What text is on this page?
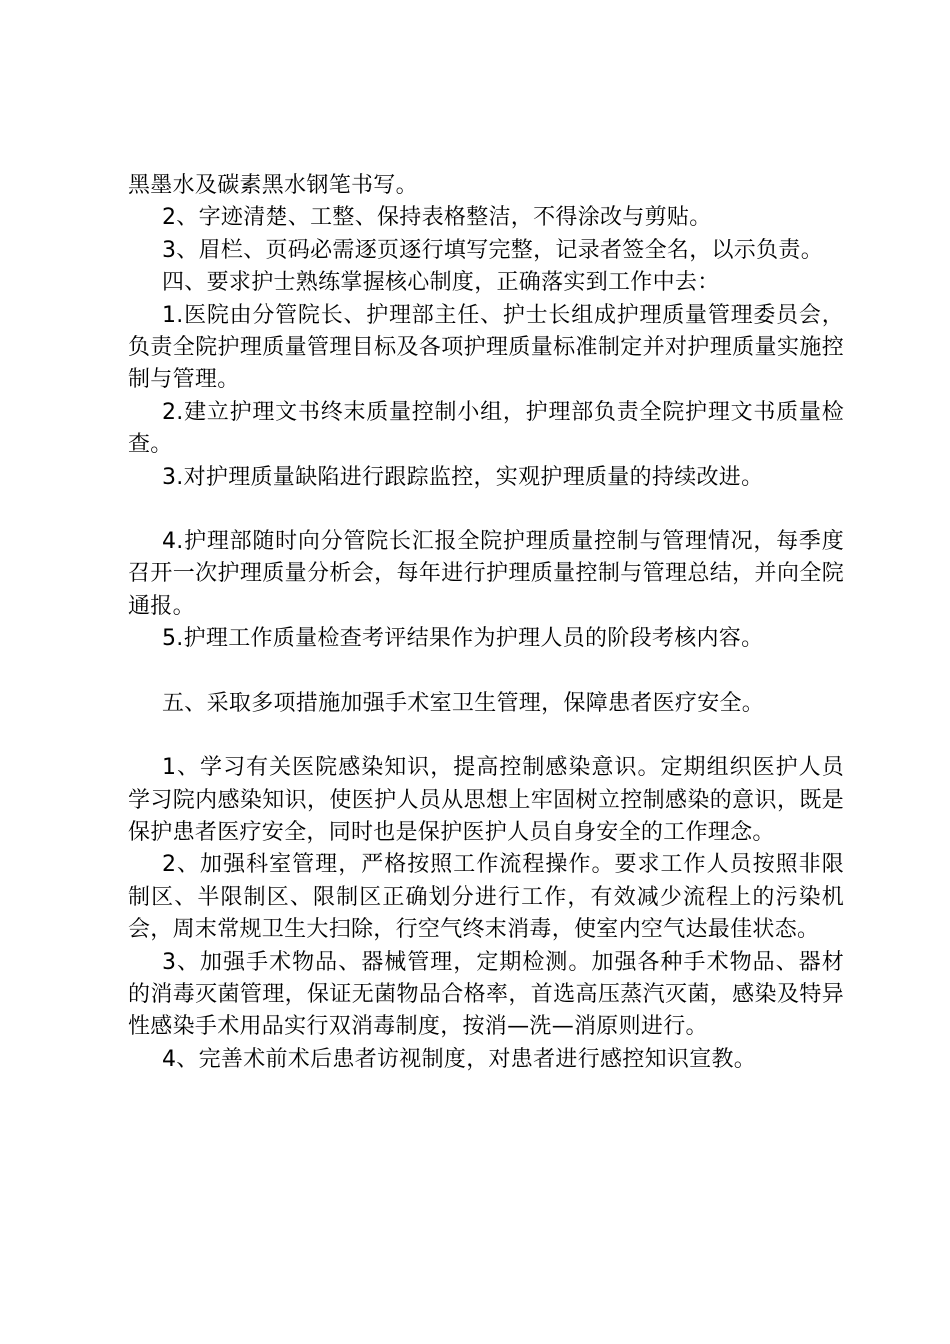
黑墨水及碳素黑水钢笔书写。

2、字迹清楚、工整、保持表格整洁，不得涂改与剪贴。

3、眉栏、页码必需逐页逐行填写完整，记录者签全名，以示负责。

四、要求护士熟练掌握核心制度，正确落实到工作中去：

1.医院由分管院长、护理部主任、护士长组成护理质量管理委员会，负责全院护理质量管理目标及各项护理质量标准制定并对护理质量实施控制与管理。

2.建立护理文书终末质量控制小组，护理部负责全院护理文书质量检查。

3.对护理质量缺陷进行跟踪监控，实观护理质量的持续改进。

4.护理部随时向分管院长汇报全院护理质量控制与管理情况，每季度召开一次护理质量分析会，每年进行护理质量控制与管理总结，并向全院通报。

5.护理工作质量检查考评结果作为护理人员的阶段考核内容。

五、采取多项措施加强手术室卫生管理，保障患者医疗安全。

1、学习有关医院感染知识，提高控制感染意识。定期组织医护人员学习院内感染知识，使医护人员从思想上牢固树立控制感染的意识，既是保护患者医疗安全，同时也是保护医护人员自身安全的工作理念。

2、加强科室管理，严格按照工作流程操作。要求工作人员按照非限制区、半限制区、限制区正确划分进行工作，有效减少流程上的污染机会，周末常规卫生大扫除，行空气终末消毒，使室内空气达最佳状态。

3、加强手术物品、器械管理，定期检测。加强各种手术物品、器材的消毒灭菌管理，保证无菌物品合格率，首选高压蒸汽灭菌，感染及特异性感染手术用品实行双消毒制度，按消—洗—消原则进行。

4、完善术前术后患者访视制度，对患者进行感控知识宣教。
